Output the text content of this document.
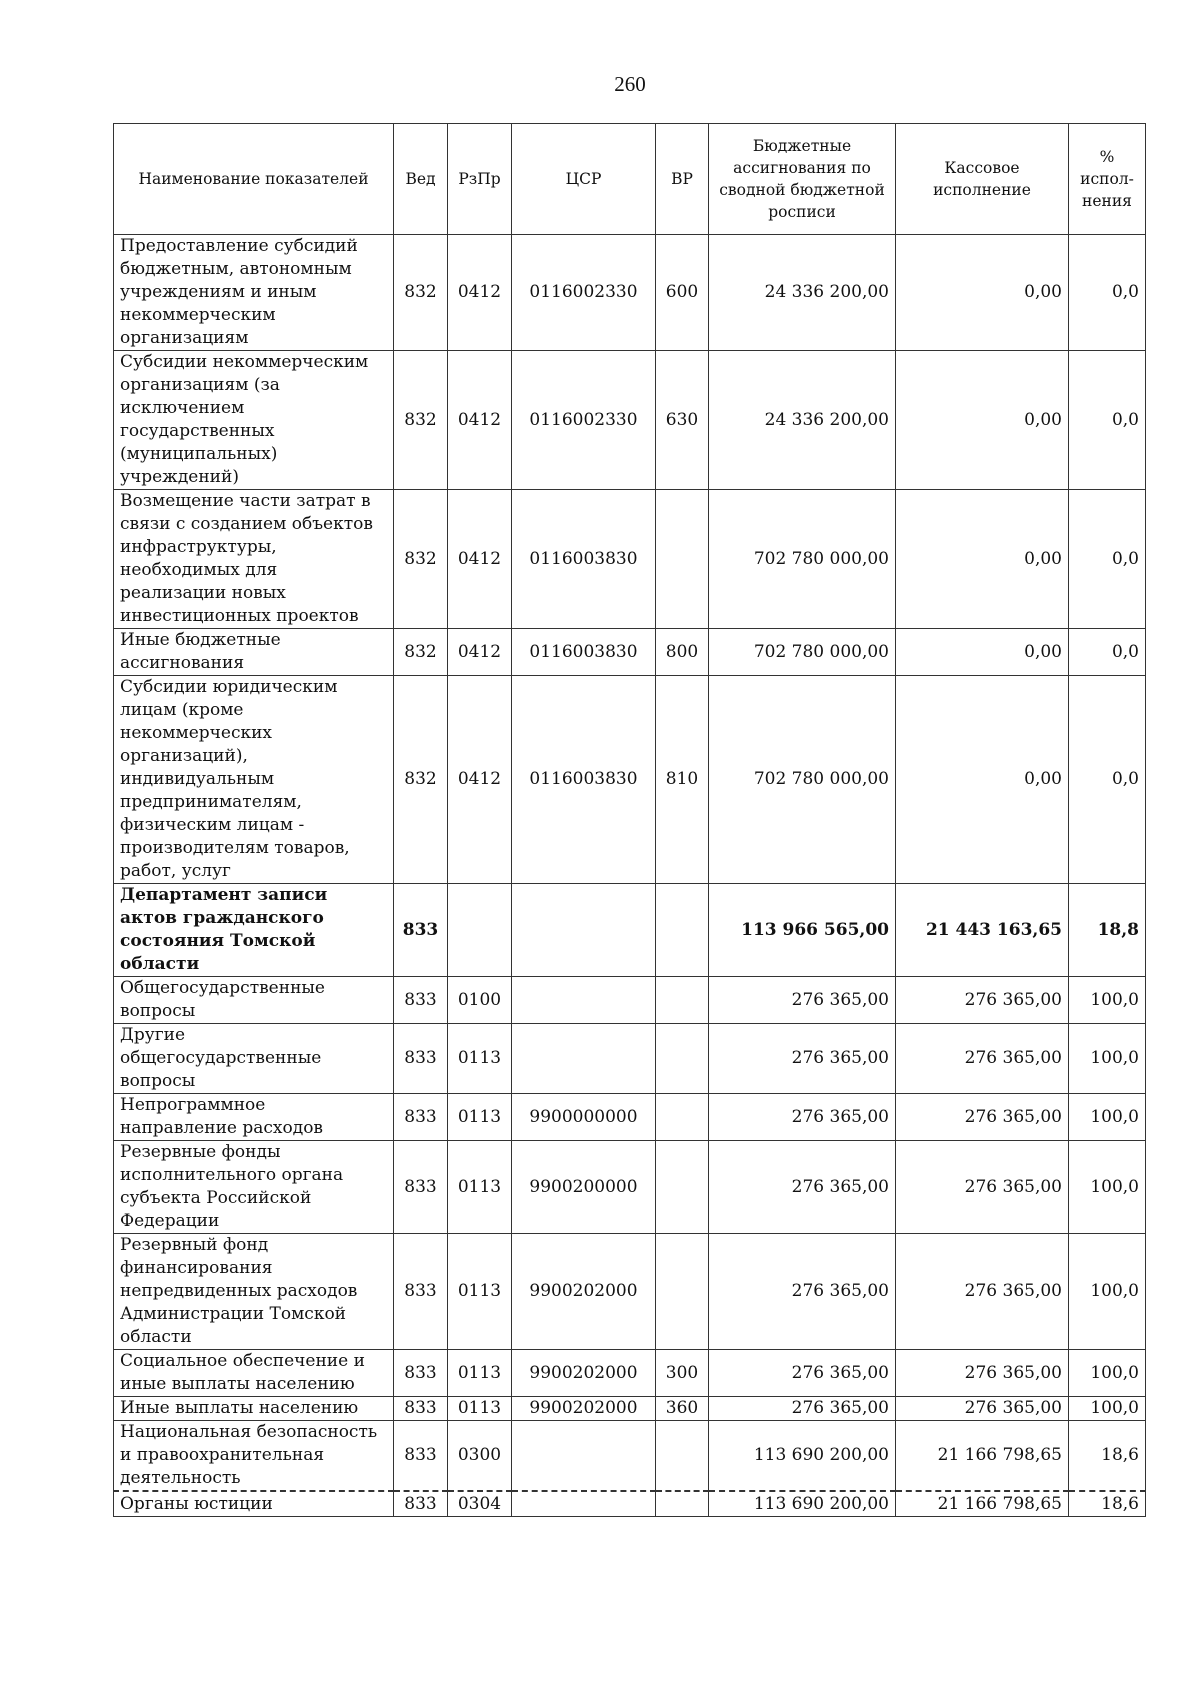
260
Наименование показателей	Вед	РзПр	ЦСР	ВР	Бюджетные ассигнования по сводной бюджетной росписи	Кассовое исполнение	% испол-нения
Предоставление субсидий бюджетным, автономным учреждениям и иным некоммерческим организациям	832	0412	0116002330	600	24 336 200,00	0,00	0,0
Субсидии некоммерческим организациям (за исключением государственных (муниципальных) учреждений)	832	0412	0116002330	630	24 336 200,00	0,00	0,0
Возмещение части затрат в связи с созданием объектов инфраструктуры, необходимых для реализации новых инвестиционных проектов	832	0412	0116003830		702 780 000,00	0,00	0,0
Иные бюджетные ассигнования	832	0412	0116003830	800	702 780 000,00	0,00	0,0
Субсидии юридическим лицам (кроме некоммерческих организаций), индивидуальным предпринимателям, физическим лицам - производителям товаров, работ, услуг	832	0412	0116003830	810	702 780 000,00	0,00	0,0
Департамент записи актов гражданского состояния Томской области	833				113 966 565,00	21 443 163,65	18,8
Общегосударственные вопросы	833	0100			276 365,00	276 365,00	100,0
Другие общегосударственные вопросы	833	0113			276 365,00	276 365,00	100,0
Непрограммное направление расходов	833	0113	9900000000		276 365,00	276 365,00	100,0
Резервные фонды исполнительного органа субъекта Российской Федерации	833	0113	9900200000		276 365,00	276 365,00	100,0
Резервный фонд финансирования непредвиденных расходов Администрации Томской области	833	0113	9900202000		276 365,00	276 365,00	100,0
Социальное обеспечение и иные выплаты населению	833	0113	9900202000	300	276 365,00	276 365,00	100,0
Иные выплаты населению	833	0113	9900202000	360	276 365,00	276 365,00	100,0
Национальная безопасность и правоохранительная деятельность	833	0300			113 690 200,00	21 166 798,65	18,6
Органы юстиции	833	0304			113 690 200,00	21 166 798,65	18,6
